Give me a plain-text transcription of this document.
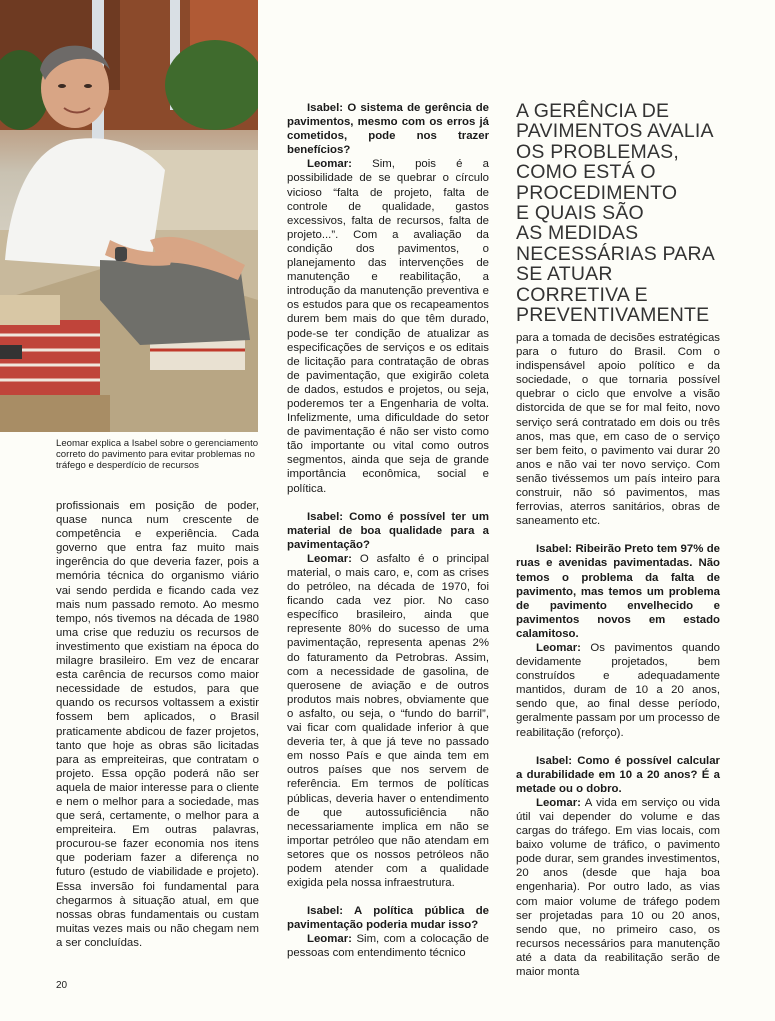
Leomar explica a Isabel sobre o gerenciamento correto do pavimento para evitar problemas no tráfego e desperdício de recursos

profissionais em posição de poder, quase nunca num crescente de competência e experiência. Cada governo que entra faz muito mais ingerência do que deveria fazer, pois a memória técnica do organismo viário vai sendo perdida e ficando cada vez mais num passado remoto. Ao mesmo tempo, nós tivemos na década de 1980 uma crise que reduziu os recursos de investimento que existiam na época do milagre brasileiro. Em vez de encarar esta carência de recursos como maior necessidade de estudos, para que quando os recursos voltassem a existir fossem bem aplicados, o Brasil praticamente abdicou de fazer projetos, tanto que hoje as obras são licitadas para as empreiteiras, que contratam o projeto. Essa opção poderá não ser aquela de maior interesse para o cliente e nem o melhor para a sociedade, mas que será, certamente, o melhor para a empreiteira. Em outras palavras, procurou-se fazer economia nos itens que poderiam fazer a diferença no futuro (estudo de viabilidade e projeto). Essa inversão foi fundamental para chegarmos à situação atual, em que nossas obras fundamentais ou custam muitas vezes mais ou não chegam nem a ser concluídas.

Isabel: O sistema de gerência de pavimentos, mesmo com os erros já cometidos, pode nos trazer benefícios?

Leomar: Sim, pois é a possibilidade de se quebrar o círculo vicioso “falta de projeto, falta de controle de qualidade, gastos excessivos, falta de recursos, falta de projeto...”. Com a avaliação da condição dos pavimentos, o planejamento das intervenções de manutenção e reabilitação, a introdução da manutenção preventiva e os estudos para que os recapeamentos durem bem mais do que têm durado, pode-se ter condição de atualizar as especificações de serviços e os editais de licitação para contratação de obras de pavimentação, que exigirão coleta de dados, estudos e projetos, ou seja, poderemos ter a Engenharia de volta. Infelizmente, uma dificuldade do setor de pavimentação é não ser visto como tão importante ou vital como outros segmentos, ainda que seja de grande importância econômica, social e política.

Isabel: Como é possível ter um material de boa qualidade para a pavimentação?

Leomar: O asfalto é o principal material, o mais caro, e, com as crises do petróleo, na década de 1970, foi ficando cada vez pior. No caso específico brasileiro, ainda que represente 80% do sucesso de uma pavimentação, representa apenas 2% do faturamento da Petrobras. Assim, com a necessidade de gasolina, de querosene de aviação e de outros produtos mais nobres, obviamente que o asfalto, ou seja, o “fundo do barril”, vai ficar com qualidade inferior à que deveria ter, à que já teve no passado em nosso País e que ainda tem em outros países que nos servem de referência. Em termos de políticas públicas, deveria haver o entendimento de que autossuficiência não necessariamente implica em não se importar petróleo que não atendam em setores que os nossos petróleos não podem atender com a qualidade exigida pela nossa infraestrutura.

Isabel: A política pública de pavimentação poderia mudar isso?

Leomar: Sim, com a colocação de pessoas com entendimento técnico

A GERÊNCIA DE
PAVIMENTOS AVALIA
OS PROBLEMAS,
COMO ESTÁ O
PROCEDIMENTO
E QUAIS SÃO
AS MEDIDAS
NECESSÁRIAS PARA
SE ATUAR CORRETIVA E
PREVENTIVAMENTE

para a tomada de decisões estratégicas para o futuro do Brasil. Com o indispensável apoio político e da sociedade, o que tornaria possível quebrar o ciclo que envolve a visão distorcida de que se for mal feito, novo serviço será contratado em dois ou três anos, mas que, em caso de o serviço ser bem feito, o pavimento vai durar 20 anos e não vai ter novo serviço. Com senão tivéssemos um país inteiro para construir, não só pavimentos, mas ferrovias, aterros sanitários, obras de saneamento etc.

Isabel: Ribeirão Preto tem 97% de ruas e avenidas pavimentadas. Não temos o problema da falta de pavimento, mas temos um problema de pavimento envelhecido e pavimentos novos em estado calamitoso.

Leomar: Os pavimentos quando devidamente projetados, bem construídos e adequadamente mantidos, duram de 10 a 20 anos, sendo que, ao final desse período, geralmente passam por um processo de reabilitação (reforço).

Isabel: Como é possível calcular a durabilidade em 10 a 20 anos? É a metade ou o dobro.

Leomar: A vida em serviço ou vida útil vai depender do volume e das cargas do tráfego. Em vias locais, com baixo volume de tráfico, o pavimento pode durar, sem grandes investimentos, 20 anos (desde que haja boa engenharia). Por outro lado, as vias com maior volume de tráfego podem ser projetadas para 10 ou 20 anos, sendo que, no primeiro caso, os recursos necessários para manutenção até a data da reabilitação serão de maior monta

20
